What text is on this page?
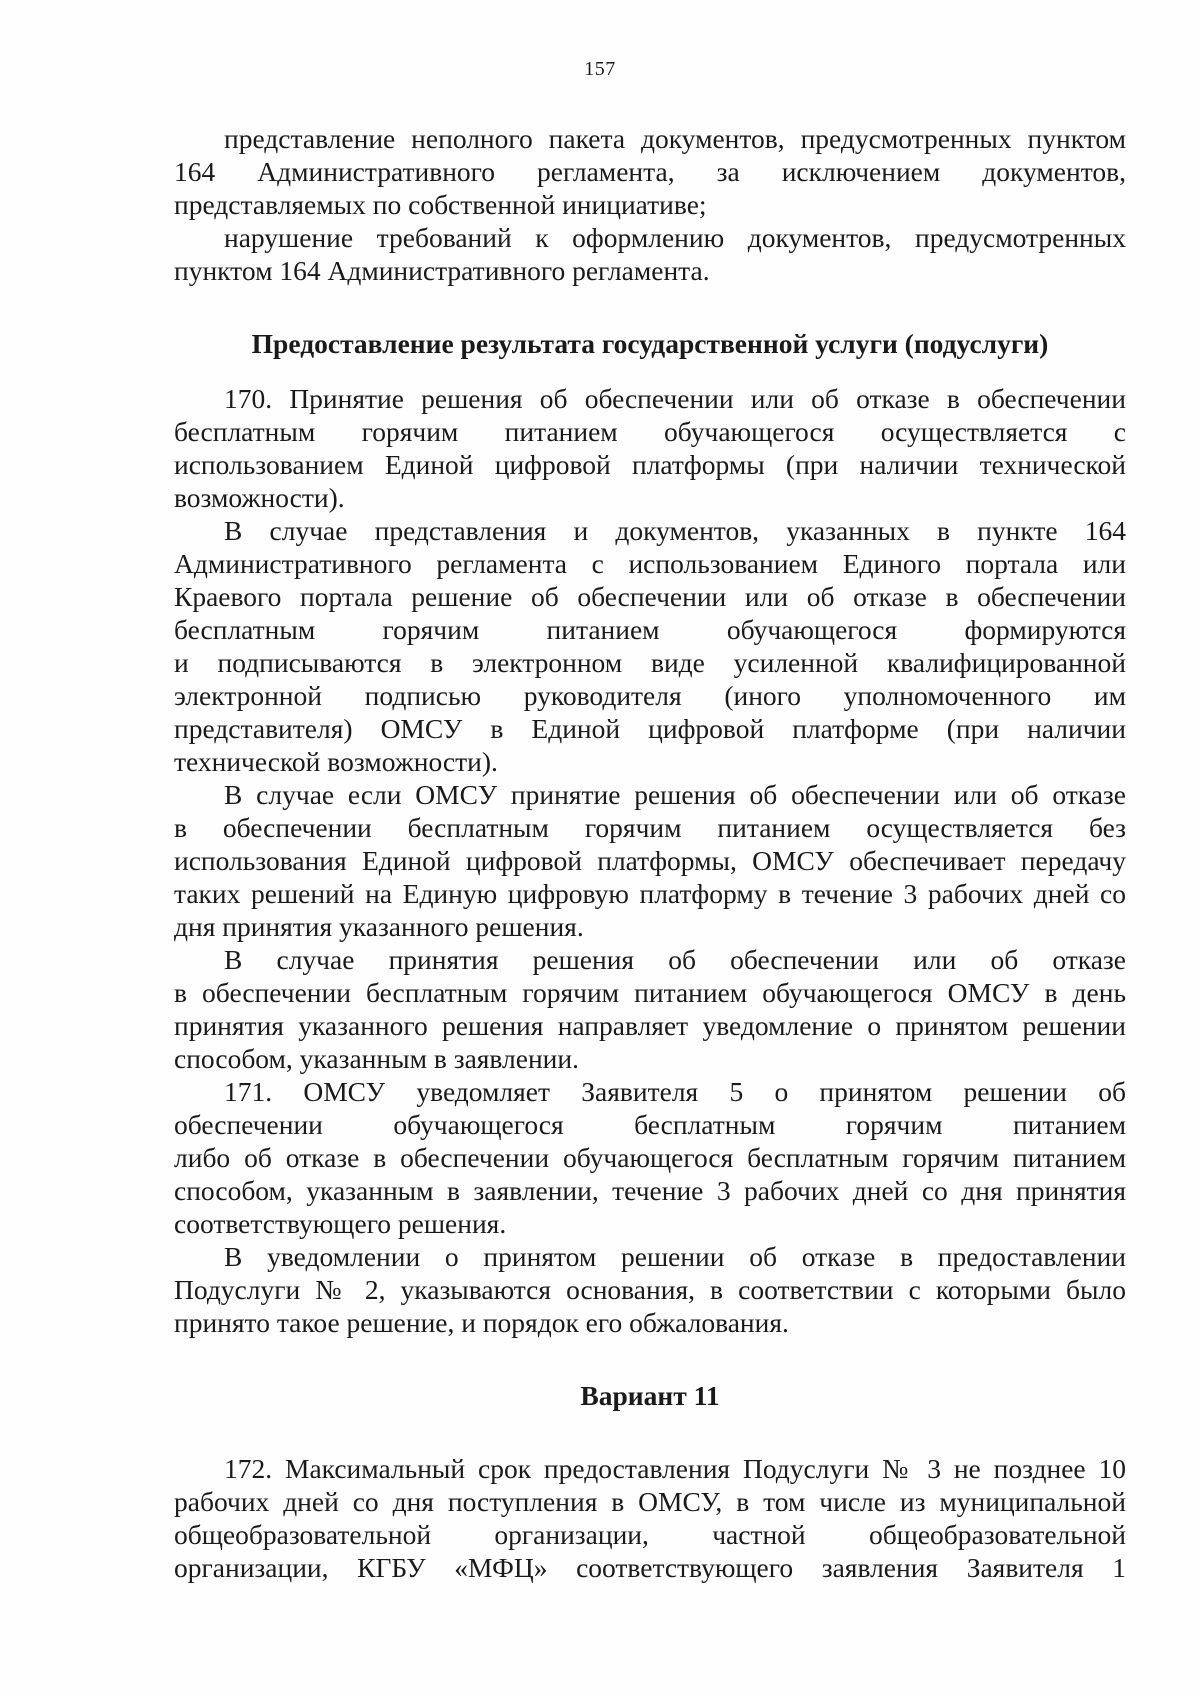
157
представление неполного пакета документов, предусмотренных пунктом
164 Административного регламента, за исключением документов,
представляемых по собственной инициативе;
нарушение требований к оформлению документов, предусмотренных
пунктом 164 Административного регламента.
Предоставление результата государственной услуги (подуслуги)
170. Принятие решения об обеспечении или об отказе в обеспечении
бесплатным горячим питанием обучающегося осуществляется с
использованием Единой цифровой платформы (при наличии технической
возможности).
В случае представления и документов, указанных в пункте 164
Административного регламента с использованием Единого портала или
Краевого портала решение об обеспечении или об отказе в обеспечении
бесплатным горячим питанием обучающегося формируются
и подписываются в электронном виде усиленной квалифицированной
электронной подписью руководителя (иного уполномоченного им
представителя) ОМСУ в Единой цифровой платформе (при наличии
технической возможности).
В случае если ОМСУ принятие решения об обеспечении или об отказе
в обеспечении бесплатным горячим питанием осуществляется без
использования Единой цифровой платформы, ОМСУ обеспечивает передачу
таких решений на Единую цифровую платформу в течение 3 рабочих дней со
дня принятия указанного решения.
В случае принятия решения об обеспечении или об отказе
в обеспечении бесплатным горячим питанием обучающегося ОМСУ в день
принятия указанного решения направляет уведомление о принятом решении
способом, указанным в заявлении.
171. ОМСУ уведомляет Заявителя 5 о принятом решении об
обеспечении обучающегося бесплатным горячим питанием
либо об отказе в обеспечении обучающегося бесплатным горячим питанием
способом, указанным в заявлении, течение 3 рабочих дней со дня принятия
соответствующего решения.
В уведомлении о принятом решении об отказе в предоставлении
Подуслуги № 2, указываются основания, в соответствии с которыми было
принято такое решение, и порядок его обжалования.
Вариант 11
172. Максимальный срок предоставления Подуслуги № 3 не позднее 10
рабочих дней со дня поступления в ОМСУ, в том числе из муниципальной
общеобразовательной организации, частной общеобразовательной
организации, КГБУ «МФЦ» соответствующего заявления Заявителя 1
